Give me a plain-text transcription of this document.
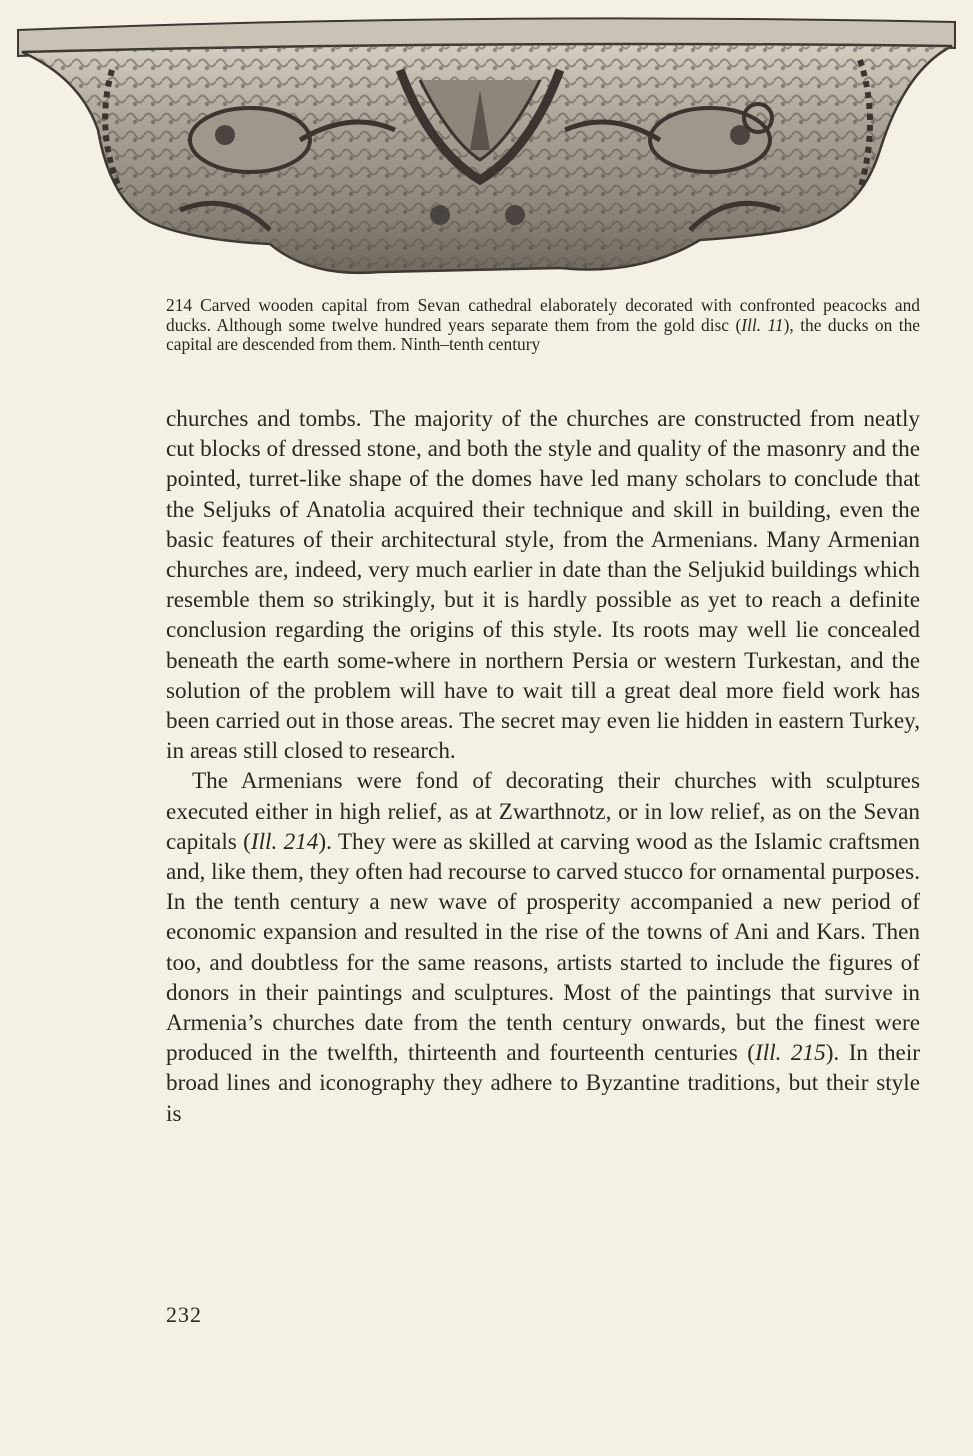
214 Carved wooden capital from Sevan cathedral elaborately decorated with confronted peacocks and ducks. Although some twelve hundred years separate them from the gold disc (Ill. 11), the ducks on the capital are descended from them. Ninth–tenth century

churches and tombs. The majority of the churches are constructed from neatly cut blocks of dressed stone, and both the style and quality of the masonry and the pointed, turret-like shape of the domes have led many scholars to conclude that the Seljuks of Anatolia acquired their technique and skill in building, even the basic features of their architectural style, from the Armenians. Many Armenian churches are, indeed, very much earlier in date than the Seljukid buildings which resemble them so strikingly, but it is hardly possible as yet to reach a definite conclusion regarding the origins of this style. Its roots may well lie concealed beneath the earth some-where in northern Persia or western Turkestan, and the solution of the problem will have to wait till a great deal more field work has been carried out in those areas. The secret may even lie hidden in eastern Turkey, in areas still closed to research.

The Armenians were fond of decorating their churches with sculptures executed either in high relief, as at Zwarthnotz, or in low relief, as on the Sevan capitals (Ill. 214). They were as skilled at carving wood as the Islamic craftsmen and, like them, they often had recourse to carved stucco for ornamental purposes. In the tenth century a new wave of prosperity accompanied a new period of economic expansion and resulted in the rise of the towns of Ani and Kars. Then too, and doubtless for the same reasons, artists started to include the figures of donors in their paintings and sculptures. Most of the paintings that survive in Armenia’s churches date from the tenth century onwards, but the finest were produced in the twelfth, thirteenth and fourteenth centuries (Ill. 215). In their broad lines and iconography they adhere to Byzantine traditions, but their style is

232
